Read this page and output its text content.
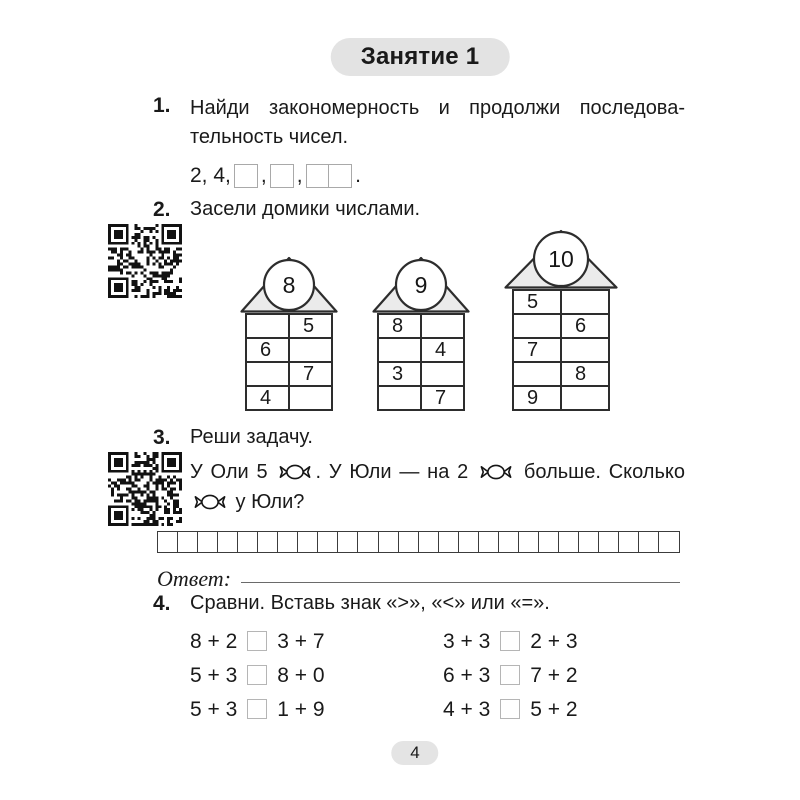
Занятие 1
1. Найди закономерность и продолжи последова-
тельность чисел.
2, 4, , ,	.
2. Засели домики числами.
8
	5
6	
	7
4	
9
8	
	4
3	
	7
10
5	
	6
7	
	8
9	
3. Реши задачу.
У Оли 5 . У Юли — на 2  больше. Сколько  у Юли?
Ответ:
4. Сравни. Вставь знак «>», «<» или «=».
8 + 2 3 + 7
5 + 3 8 + 0
5 + 3 1 + 9
3 + 3 2 + 3
6 + 3 7 + 2
4 + 3 5 + 2
4
